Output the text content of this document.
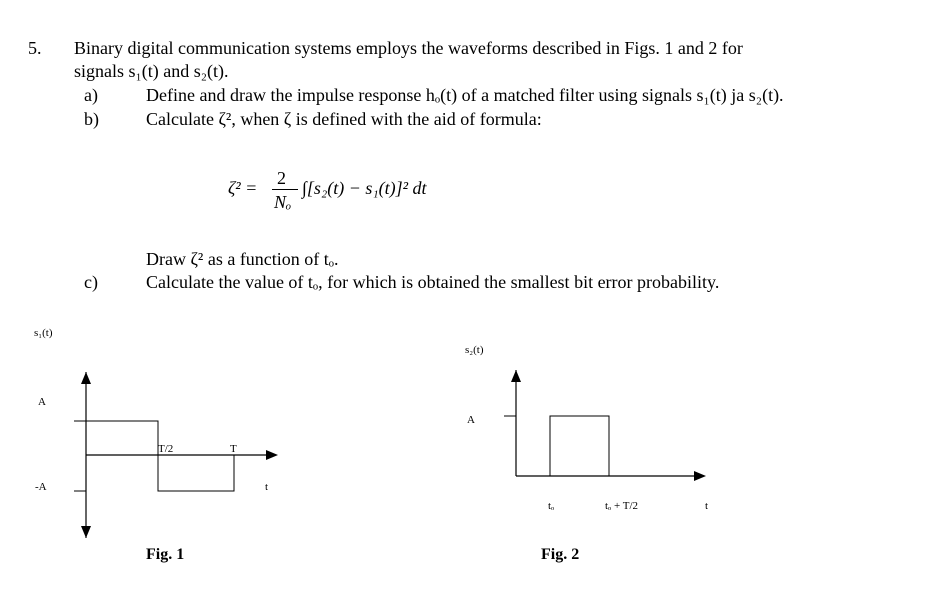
5. Binary digital communication systems employs the waveforms described in Figs. 1 and 2 for
signals s₁(t) and s₂(t).
a)	Define and draw the impulse response hₒ(t) of a matched filter using signals s₁(t) ja s₂(t).
b)	Calculate ζ², when ζ is defined with the aid of formula:
ζ² = 2
Nₒ
∫[s₂(t) − s₁(t)]² dt
Draw ζ² as a function of tₒ.
c)	Calculate the value of tₒ, for which is obtained the smallest bit error probability.
s₁(t)
A
-A
T/2	T
t
Fig. 1
s₂(t)
A
tₒ	tₒ + T/2	t
Fig. 2
